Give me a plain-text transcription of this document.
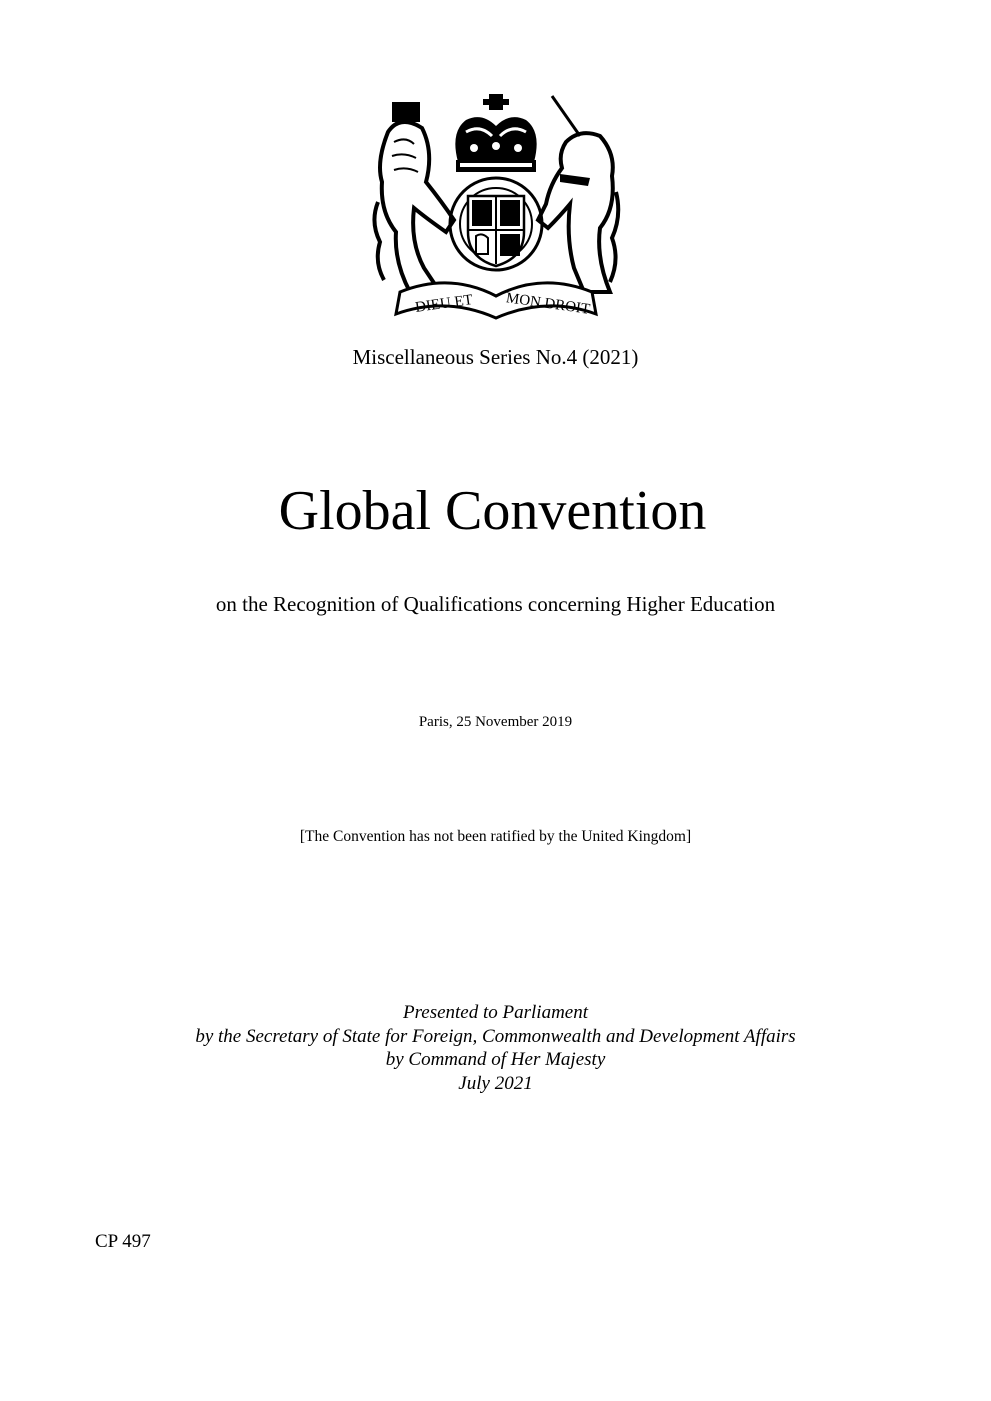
DIEU ET MON DROIT
Miscellaneous Series No.4 (2021)
Global Convention
on the Recognition of Qualifications concerning Higher Education
Paris, 25 November 2019
[The Convention has not been ratified by the United Kingdom]
Presented to Parliament
by the Secretary of State for Foreign, Commonwealth and Development Affairs
by Command of Her Majesty
July 2021
CP 497
